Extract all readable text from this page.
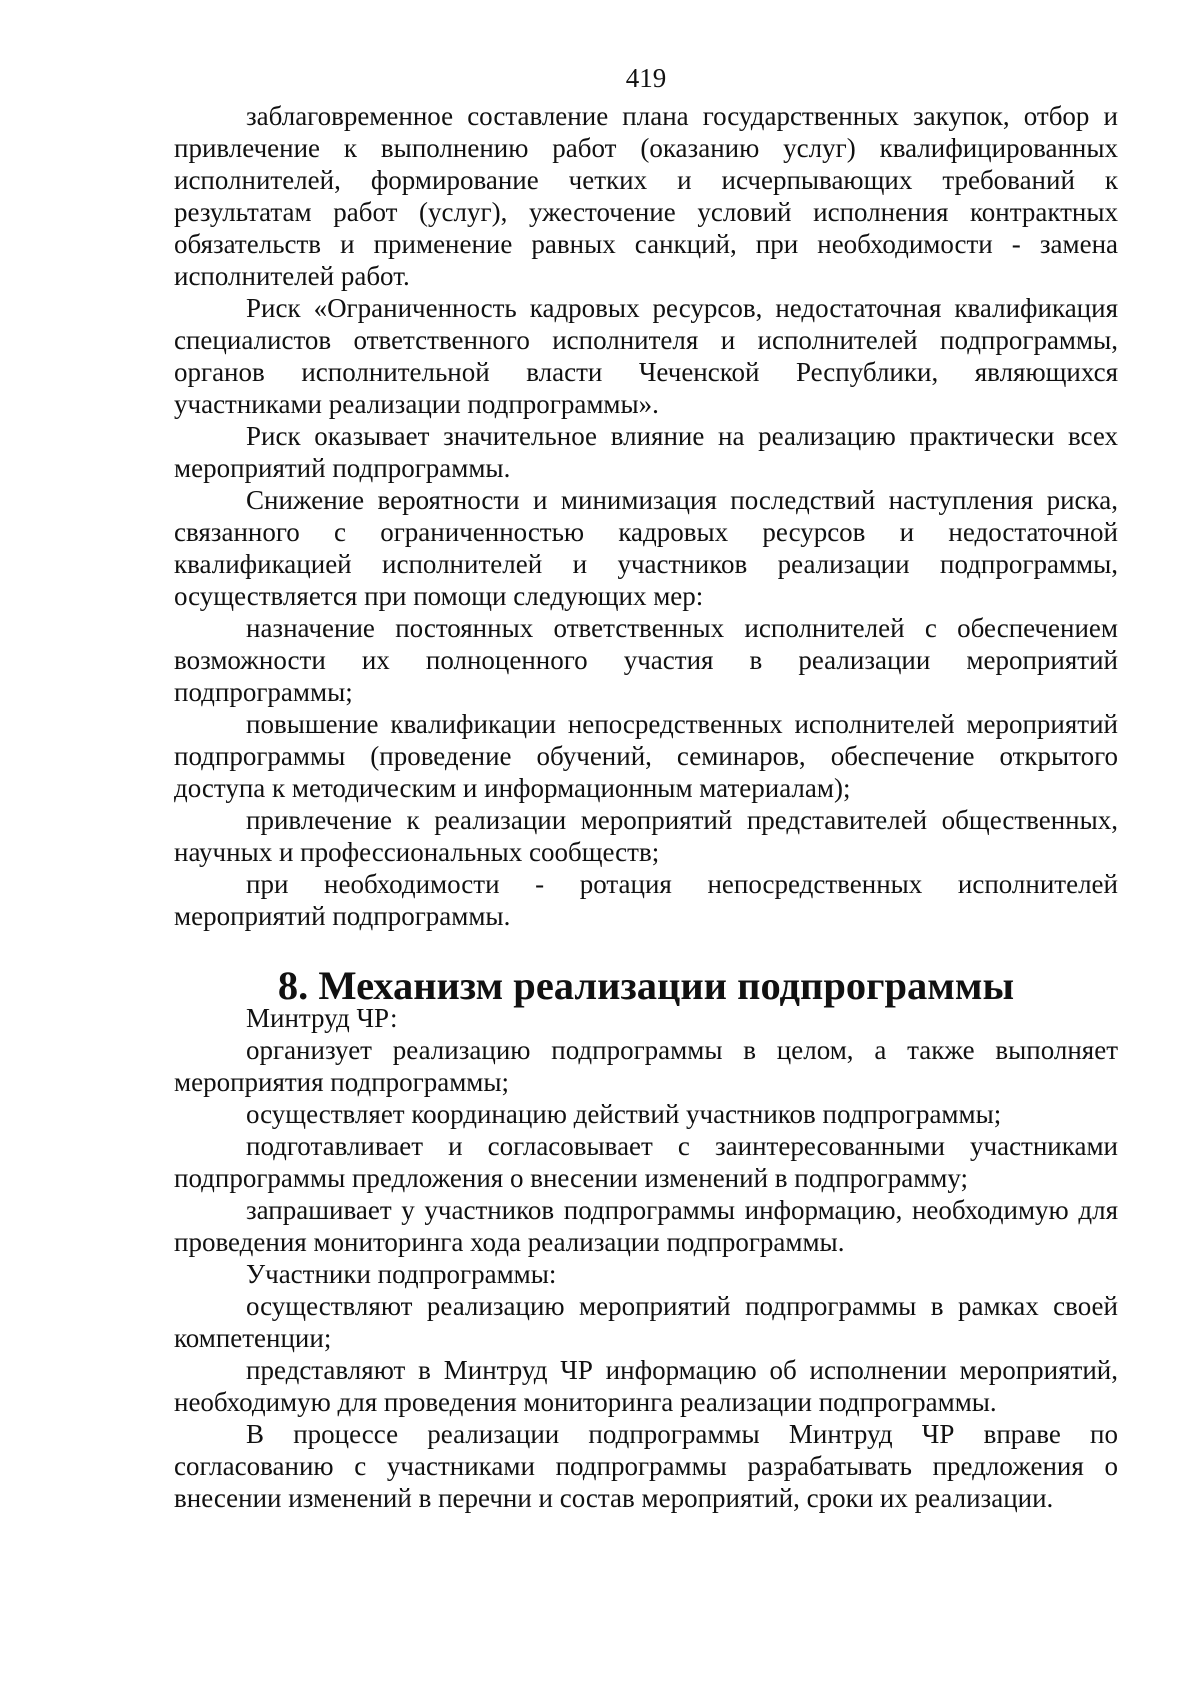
419

заблаговременное составление плана государственных закупок, отбор и привлечение к выполнению работ (оказанию услуг) квалифицированных исполнителей, формирование четких и исчерпывающих требований к результатам работ (услуг), ужесточение условий исполнения контрактных обязательств и применение равных санкций, при необходимости - замена исполнителей работ.

Риск «Ограниченность кадровых ресурсов, недостаточная квалификация специалистов ответственного исполнителя и исполнителей подпрограммы, органов исполнительной власти Чеченской Республики, являющихся участниками реализации подпрограммы».

Риск оказывает значительное влияние на реализацию практически всех мероприятий подпрограммы.

Снижение вероятности и минимизация последствий наступления риска, связанного с ограниченностью кадровых ресурсов и недостаточной квалификацией исполнителей и участников реализации подпрограммы, осуществляется при помощи следующих мер:

назначение постоянных ответственных исполнителей с обеспечением возможности их полноценного участия в реализации мероприятий подпрограммы;

повышение квалификации непосредственных исполнителей мероприятий подпрограммы (проведение обучений, семинаров, обеспечение открытого доступа к методическим и информационным материалам);

привлечение к реализации мероприятий представителей общественных, научных и профессиональных сообществ;

при необходимости - ротация непосредственных исполнителей мероприятий подпрограммы.

8. Механизм реализации подпрограммы

Минтруд ЧР:

организует реализацию подпрограммы в целом, а также выполняет мероприятия подпрограммы;

осуществляет координацию действий участников подпрограммы;

подготавливает и согласовывает с заинтересованными участниками подпрограммы предложения о внесении изменений в подпрограмму;

запрашивает у участников подпрограммы информацию, необходимую для проведения мониторинга хода реализации подпрограммы.

Участники подпрограммы:

осуществляют реализацию мероприятий подпрограммы в рамках своей компетенции;

представляют в Минтруд ЧР информацию об исполнении мероприятий, необходимую для проведения мониторинга реализации подпрограммы.

В процессе реализации подпрограммы Минтруд ЧР вправе по согласованию с участниками подпрограммы разрабатывать предложения о внесении изменений в перечни и состав мероприятий, сроки их реализации.
